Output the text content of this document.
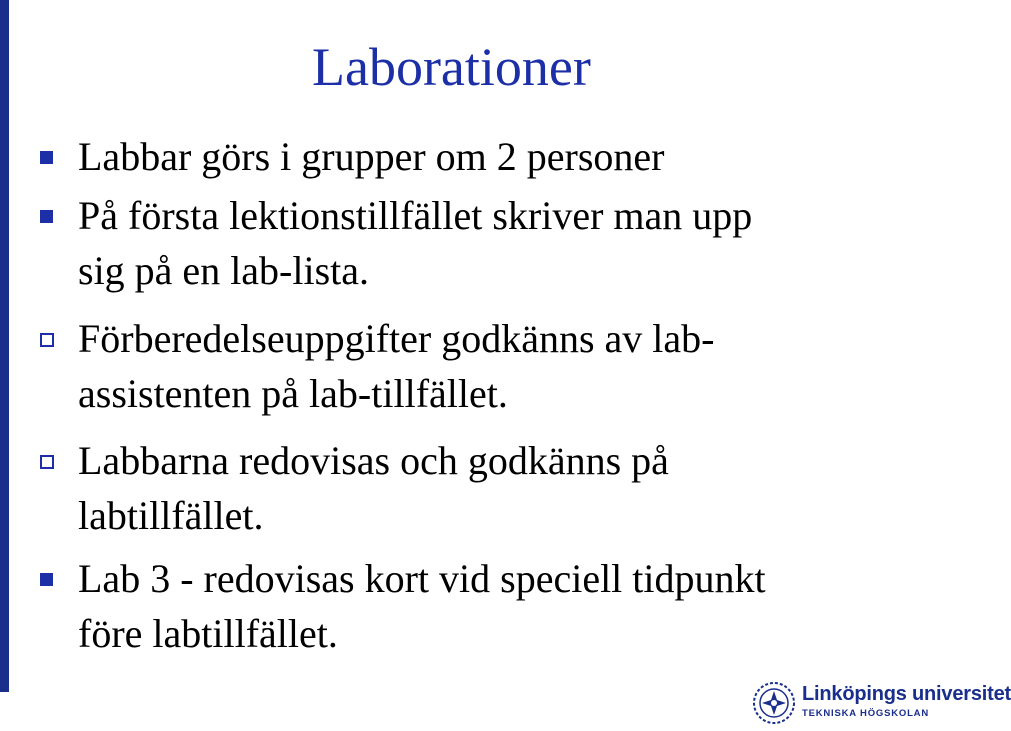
Laborationer
Labbar görs i grupper om 2 personer
På första lektionstillfället skriver man upp
sig på en lab-lista.
Förberedelseuppgifter godkänns av lab-
assistenten på lab-tillfället.
Labbarna redovisas och godkänns på
labtillfället.
Lab 3 - redovisas kort vid speciell tidpunkt
före labtillfället.
Linköpings universitet
TEKNISKA HÖGSKOLAN
